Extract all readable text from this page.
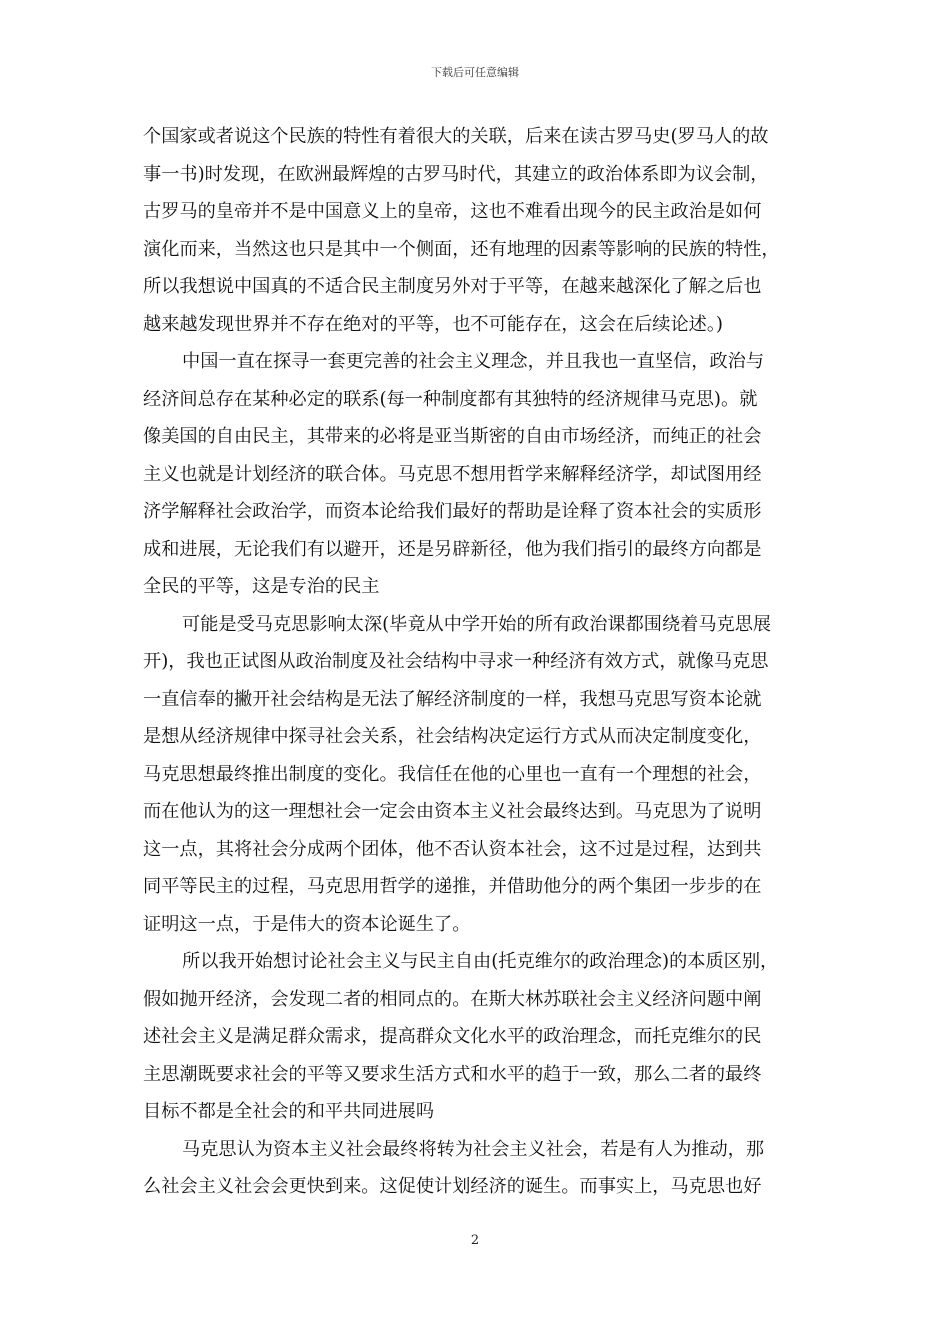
下载后可任意编辑
个国家或者说这个民族的特性有着很大的关联，后来在读古罗马史(罗马人的故
事一书)时发现，在欧洲最辉煌的古罗马时代，其建立的政治体系即为议会制，
古罗马的皇帝并不是中国意义上的皇帝，这也不难看出现今的民主政治是如何
演化而来，当然这也只是其中一个侧面，还有地理的因素等影响的民族的特性，
所以我想说中国真的不适合民主制度另外对于平等，在越来越深化了解之后也
越来越发现世界并不存在绝对的平等，也不可能存在，这会在后续论述。)
中国一直在探寻一套更完善的社会主义理念，并且我也一直坚信，政治与
经济间总存在某种必定的联系(每一种制度都有其独特的经济规律马克思)。就
像美国的自由民主，其带来的必将是亚当斯密的自由市场经济，而纯正的社会
主义也就是计划经济的联合体。马克思不想用哲学来解释经济学，却试图用经
济学解释社会政治学，而资本论给我们最好的帮助是诠释了资本社会的实质形
成和进展，无论我们有以避开，还是另辟新径，他为我们指引的最终方向都是
全民的平等，这是专治的民主
可能是受马克思影响太深(毕竟从中学开始的所有政治课都围绕着马克思展
开)，我也正试图从政治制度及社会结构中寻求一种经济有效方式，就像马克思
一直信奉的撇开社会结构是无法了解经济制度的一样，我想马克思写资本论就
是想从经济规律中探寻社会关系，社会结构决定运行方式从而决定制度变化，
马克思想最终推出制度的变化。我信任在他的心里也一直有一个理想的社会，
而在他认为的这一理想社会一定会由资本主义社会最终达到。马克思为了说明
这一点，其将社会分成两个团体，他不否认资本社会，这不过是过程，达到共
同平等民主的过程，马克思用哲学的递推，并借助他分的两个集团一步步的在
证明这一点，于是伟大的资本论诞生了。
所以我开始想讨论社会主义与民主自由(托克维尔的政治理念)的本质区别，
假如抛开经济，会发现二者的相同点的。在斯大林苏联社会主义经济问题中阐
述社会主义是满足群众需求，提高群众文化水平的政治理念，而托克维尔的民
主思潮既要求社会的平等又要求生活方式和水平的趋于一致，那么二者的最终
目标不都是全社会的和平共同进展吗
马克思认为资本主义社会最终将转为社会主义社会，若是有人为推动，那
么社会主义社会会更快到来。这促使计划经济的诞生。而事实上，马克思也好
2
